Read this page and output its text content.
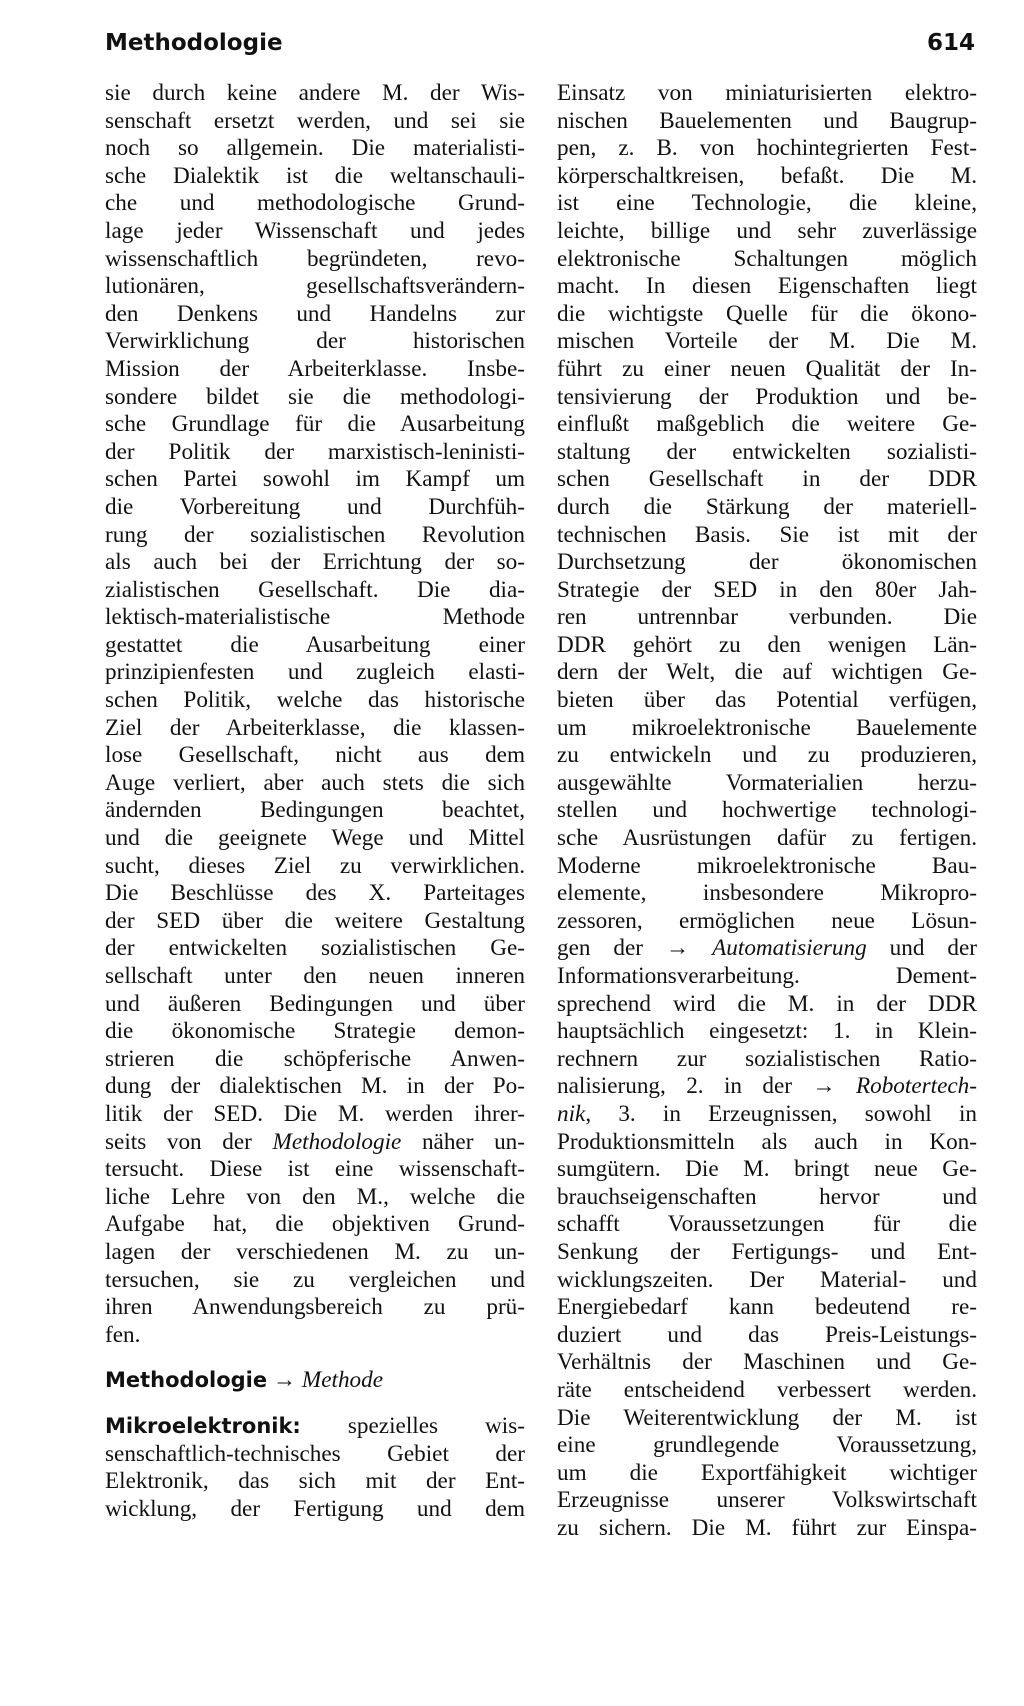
Methodologie	614
sie durch keine andere M. der Wis-
senschaft ersetzt werden, und sei sie
noch so allgemein. Die materialisti-
sche Dialektik ist die weltanschauli-
che und methodologische Grund-
lage jeder Wissenschaft und jedes
wissenschaftlich begründeten, revo-
lutionären, gesellschaftsverändern-
den Denkens und Handelns zur
Verwirklichung der historischen
Mission der Arbeiterklasse. Insbe-
sondere bildet sie die methodologi-
sche Grundlage für die Ausarbeitung
der Politik der marxistisch-leninisti-
schen Partei sowohl im Kampf um
die Vorbereitung und Durchfüh-
rung der sozialistischen Revolution
als auch bei der Errichtung der so-
zialistischen Gesellschaft. Die dia-
lektisch-materialistische Methode
gestattet die Ausarbeitung einer
prinzipienfesten und zugleich elasti-
schen Politik, welche das historische
Ziel der Arbeiterklasse, die klassen-
lose Gesellschaft, nicht aus dem
Auge verliert, aber auch stets die sich
ändernden Bedingungen beachtet,
und die geeignete Wege und Mittel
sucht, dieses Ziel zu verwirklichen.
Die Beschlüsse des X. Parteitages
der SED über die weitere Gestaltung
der entwickelten sozialistischen Ge-
sellschaft unter den neuen inneren
und äußeren Bedingungen und über
die ökonomische Strategie demon-
strieren die schöpferische Anwen-
dung der dialektischen M. in der Po-
litik der SED. Die M. werden ihrer-
seits von der Methodologie näher un-
tersucht. Diese ist eine wissenschaft-
liche Lehre von den M., welche die
Aufgabe hat, die objektiven Grund-
lagen der verschiedenen M. zu un-
tersuchen, sie zu vergleichen und
ihren Anwendungsbereich zu prü-
fen.
Methodologie → Methode
Mikroelektronik: spezielles wis-
senschaftlich-technisches Gebiet der
Elektronik, das sich mit der Ent-
wicklung, der Fertigung und dem
Einsatz von miniaturisierten elektro-
nischen Bauelementen und Baugrup-
pen, z. B. von hochintegrierten Fest-
körperschaltkreisen, befaßt. Die M.
ist eine Technologie, die kleine,
leichte, billige und sehr zuverlässige
elektronische Schaltungen möglich
macht. In diesen Eigenschaften liegt
die wichtigste Quelle für die ökono-
mischen Vorteile der M. Die M.
führt zu einer neuen Qualität der In-
tensivierung der Produktion und be-
einflußt maßgeblich die weitere Ge-
staltung der entwickelten sozialisti-
schen Gesellschaft in der DDR
durch die Stärkung der materiell-
technischen Basis. Sie ist mit der
Durchsetzung der ökonomischen
Strategie der SED in den 80er Jah-
ren untrennbar verbunden. Die
DDR gehört zu den wenigen Län-
dern der Welt, die auf wichtigen Ge-
bieten über das Potential verfügen,
um mikroelektronische Bauelemente
zu entwickeln und zu produzieren,
ausgewählte Vormaterialien herzu-
stellen und hochwertige technologi-
sche Ausrüstungen dafür zu fertigen.
Moderne mikroelektronische Bau-
elemente, insbesondere Mikropro-
zessoren, ermöglichen neue Lösun-
gen der → Automatisierung und der
Informationsverarbeitung. Dement-
sprechend wird die M. in der DDR
hauptsächlich eingesetzt: 1. in Klein-
rechnern zur sozialistischen Ratio-
nalisierung, 2. in der → Robotertech-
nik, 3. in Erzeugnissen, sowohl in
Produktionsmitteln als auch in Kon-
sumgütern. Die M. bringt neue Ge-
brauchseigenschaften hervor und
schafft Voraussetzungen für die
Senkung der Fertigungs- und Ent-
wicklungszeiten. Der Material- und
Energiebedarf kann bedeutend re-
duziert und das Preis-Leistungs-
Verhältnis der Maschinen und Ge-
räte entscheidend verbessert werden.
Die Weiterentwicklung der M. ist
eine grundlegende Voraussetzung,
um die Exportfähigkeit wichtiger
Erzeugnisse unserer Volkswirtschaft
zu sichern. Die M. führt zur Einspa-
